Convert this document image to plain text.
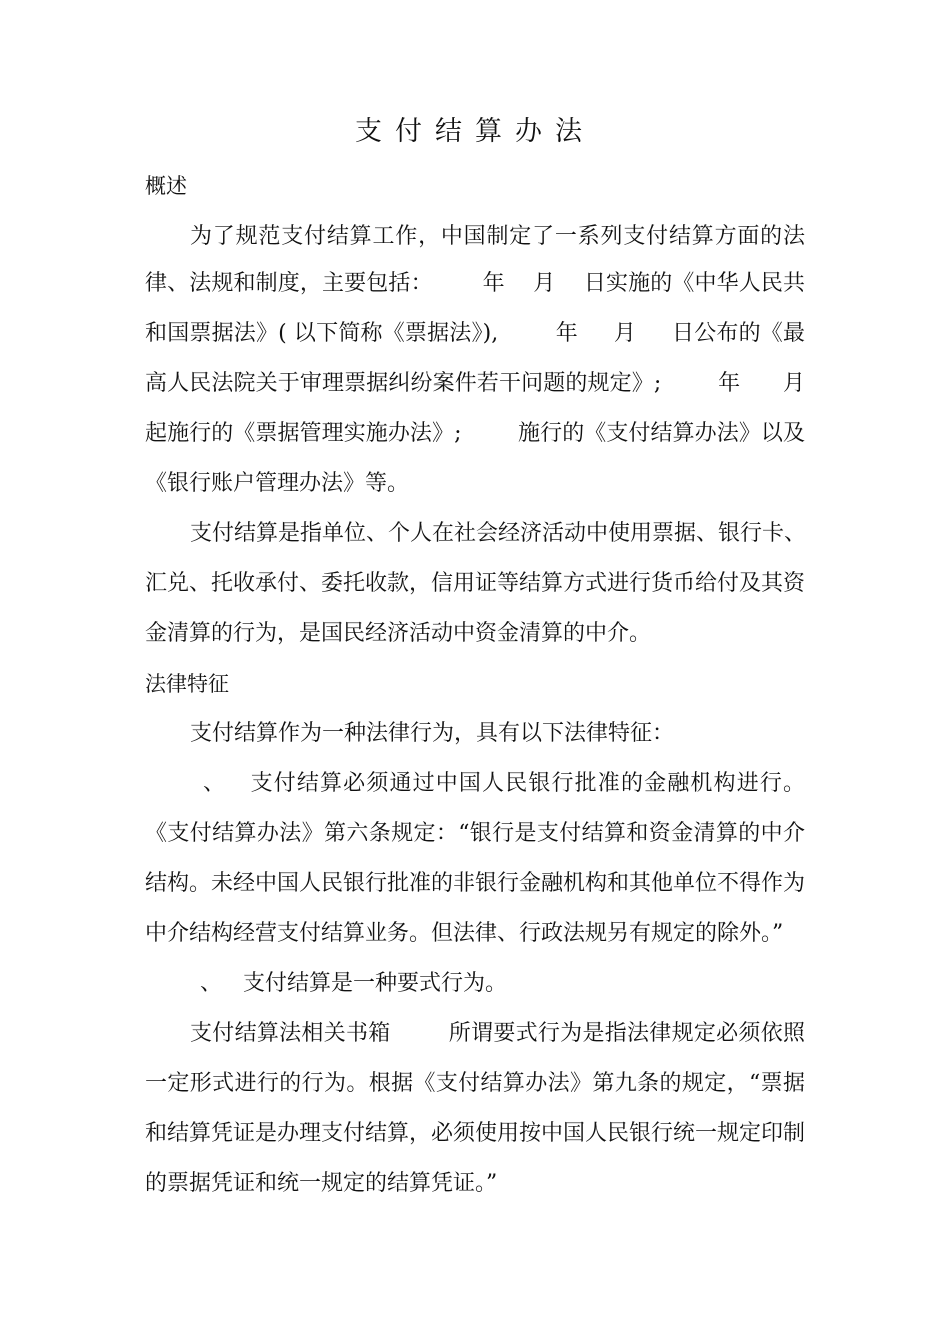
支付结算办法
概述
为了规范支付结算工作，中国制定了一系列支付结算方面的法
律、法规和制度，主要包括：       年    月    日实施的《中华人民共
和国票据法》( 以下简称《票据法》),        年     月     日公布的《最
高人民法院关于审理票据纠纷案件若干问题的规定》;        年      月
起施行的《票据管理实施办法》;        施行的《支付结算办法》以及
《银行账户管理办法》等。
支付结算是指单位、个人在社会经济活动中使用票据、银行卡、
汇兑、托收承付、委托收款，信用证等结算方式进行货币给付及其资
金清算的行为，是国民经济活动中资金清算的中介。
法律特征
支付结算作为一种法律行为，具有以下法律特征：
、   支付结算必须通过中国人民银行批准的金融机构进行。
《支付结算办法》第六条规定：“银行是支付结算和资金清算的中介
结构。未经中国人民银行批准的非银行金融机构和其他单位不得作为
中介结构经营支付结算业务。但法律、行政法规另有规定的除外。”
、   支付结算是一种要式行为。
支付结算法相关书箱        所谓要式行为是指法律规定必须依照
一定形式进行的行为。根据《支付结算办法》第九条的规定，“票据
和结算凭证是办理支付结算，必须使用按中国人民银行统一规定印制
的票据凭证和统一规定的结算凭证。”
